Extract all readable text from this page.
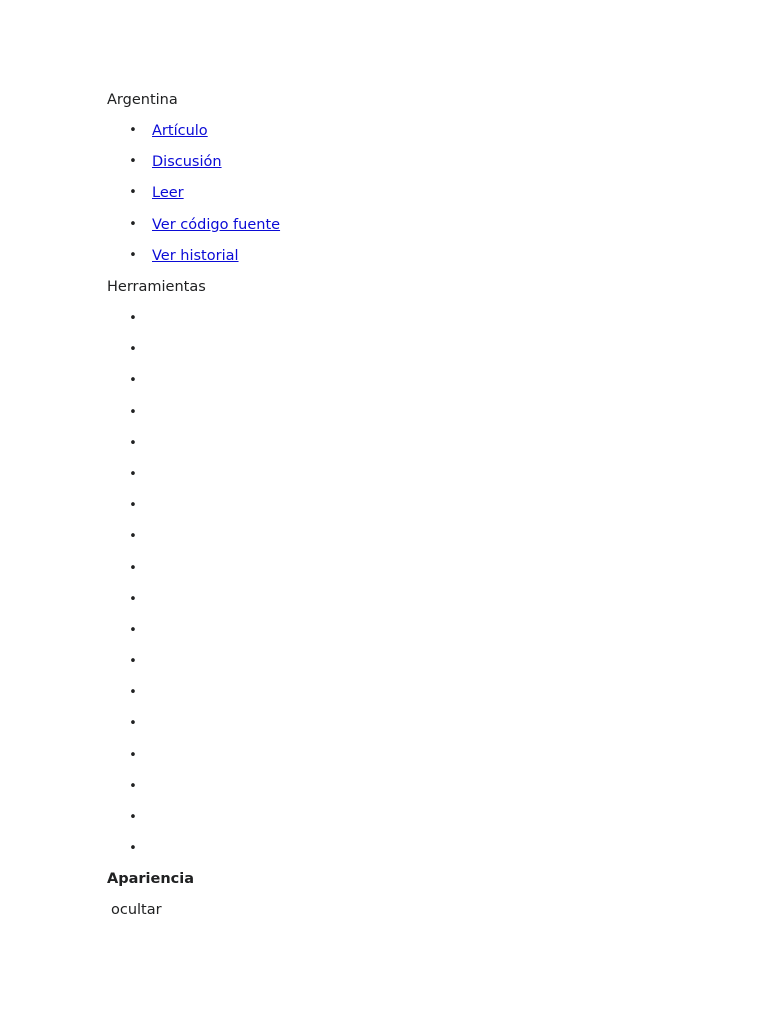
Argentina
• Artículo
• Discusión
• Leer
• Ver código fuente
• Ver historial
Herramientas
•
•
•
•
•
•
•
•
•
•
•
•
•
•
•
•
•
•
Apariencia
ocultar
